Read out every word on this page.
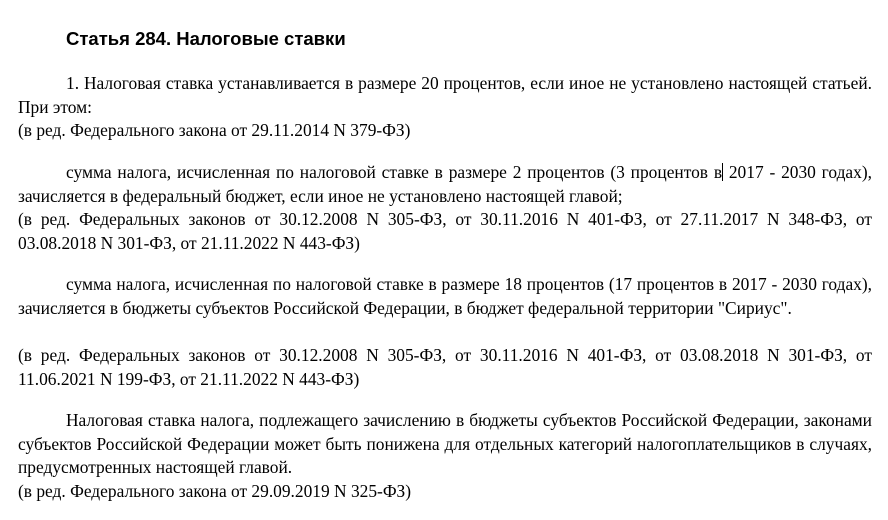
Статья 284. Налоговые ставки
1. Налоговая ставка устанавливается в размере 20 процентов, если иное не установлено настоящей статьей. При этом:
(в ред. Федерального закона от 29.11.2014 N 379-ФЗ)
сумма налога, исчисленная по налоговой ставке в размере 2 процентов (3 процентов в 2017 - 2030 годах), зачисляется в федеральный бюджет, если иное не установлено настоящей главой;
(в ред. Федеральных законов от 30.12.2008 N 305-ФЗ, от 30.11.2016 N 401-ФЗ, от 27.11.2017 N 348-ФЗ, от 03.08.2018 N 301-ФЗ, от 21.11.2022 N 443-ФЗ)
сумма налога, исчисленная по налоговой ставке в размере 18 процентов (17 процентов в 2017 - 2030 годах), зачисляется в бюджеты субъектов Российской Федерации, в бюджет федеральной территории "Сириус".
(в ред. Федеральных законов от 30.12.2008 N 305-ФЗ, от 30.11.2016 N 401-ФЗ, от 03.08.2018 N 301-ФЗ, от 11.06.2021 N 199-ФЗ, от 21.11.2022 N 443-ФЗ)
Налоговая ставка налога, подлежащего зачислению в бюджеты субъектов Российской Федерации, законами субъектов Российской Федерации может быть понижена для отдельных категорий налогоплательщиков в случаях, предусмотренных настоящей главой.
(в ред. Федерального закона от 29.09.2019 N 325-ФЗ)
